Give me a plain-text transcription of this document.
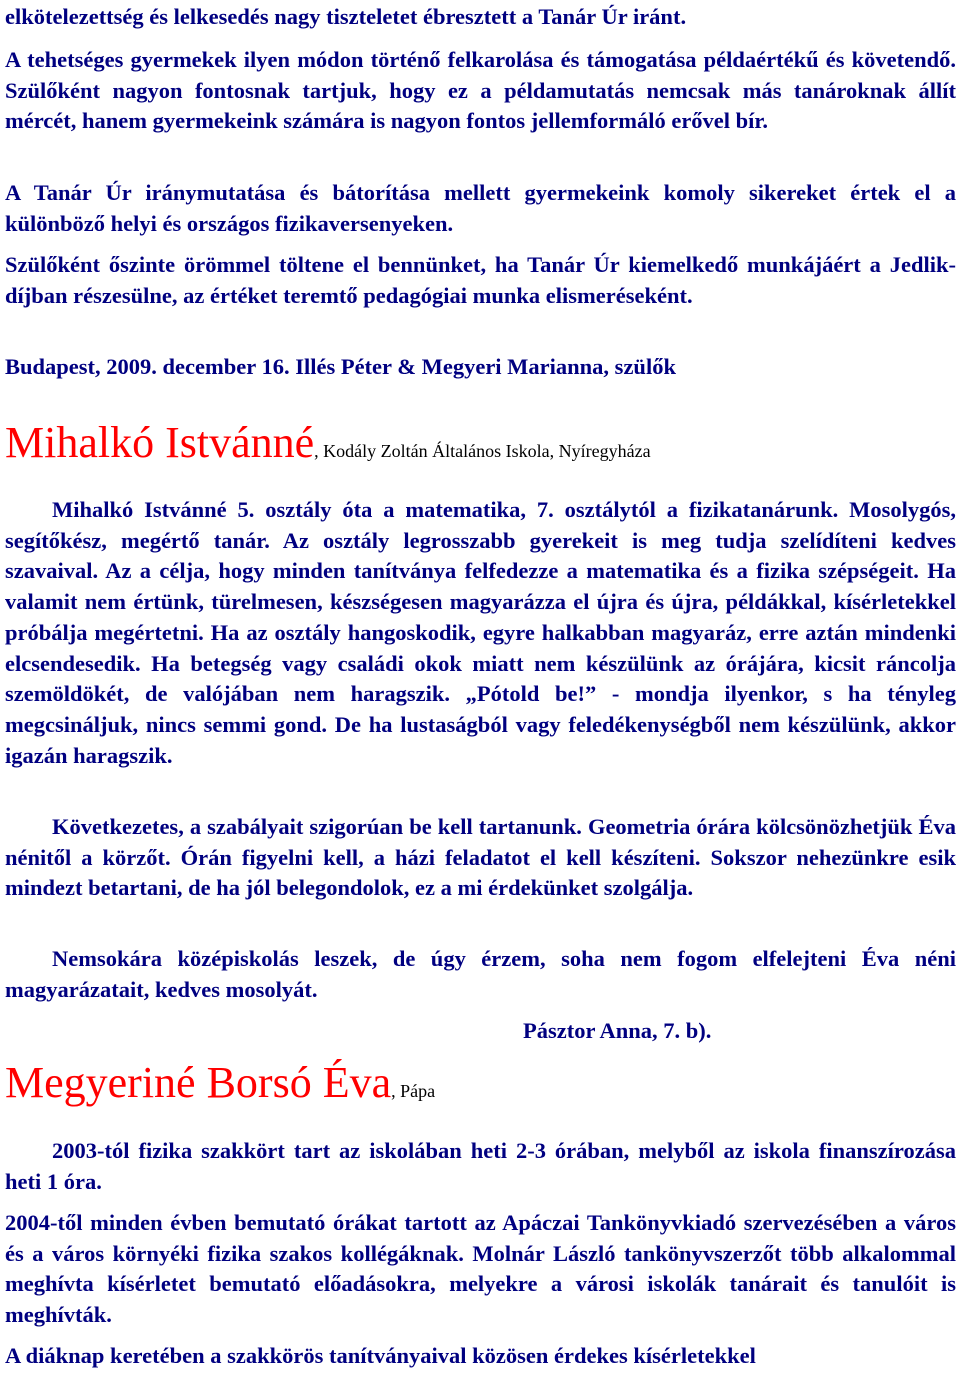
elkötelezettség és lelkesedés nagy tiszteletet ébresztett a Tanár Úr iránt.

A tehetséges gyermekek ilyen módon történő felkarolása és támogatása példaértékű és követendő. Szülőként nagyon fontosnak tartjuk, hogy ez a példamutatás nemcsak más tanároknak állít mércét, hanem gyermekeink számára is nagyon fontos jellemformáló erővel bír.

A Tanár Úr iránymutatása és bátorítása mellett gyermekeink komoly sikereket értek el a különböző helyi és országos fizikaversenyeken.

Szülőként őszinte örömmel töltene el bennünket, ha Tanár Úr kiemelkedő munkájáért a Jedlik-díjban részesülne, az értéket teremtő pedagógiai munka elismeréseként.

Budapest, 2009. december 16. Illés Péter & Megyeri Marianna, szülők

Mihalkó Istvánné, Kodály Zoltán Általános Iskola, Nyíregyháza

Mihalkó Istvánné 5. osztály óta a matematika, 7. osztálytól a fizikatanárunk. Mosolygós, segítőkész, megértő tanár. Az osztály legrosszabb gyerekeit is meg tudja szelídíteni kedves szavaival. Az a célja, hogy minden tanítványa felfedezze a matematika és a fizika szépségeit. Ha valamit nem értünk, türelmesen, készségesen magyarázza el újra és újra, példákkal, kísérletekkel próbálja megértetni. Ha az osztály hangoskodik, egyre halkabban magyaráz, erre aztán mindenki elcsendesedik. Ha betegség vagy családi okok miatt nem készülünk az órájára, kicsit ráncolja szemöldökét, de valójában nem haragszik. „Pótold be!” - mondja ilyenkor, s ha tényleg megcsináljuk, nincs semmi gond. De ha lustaságból vagy feledékenységből nem készülünk, akkor igazán haragszik.

Következetes, a szabályait szigorúan be kell tartanunk. Geometria órára kölcsönözhetjük Éva nénitől a körzőt. Órán figyelni kell, a házi feladatot el kell készíteni. Sokszor nehezünkre esik mindezt betartani, de ha jól belegondolok, ez a mi érdekünket szolgálja.

Nemsokára középiskolás leszek, de úgy érzem, soha nem fogom elfelejteni Éva néni magyarázatait, kedves mosolyát.

Pásztor Anna, 7. b).

Megyeriné Borsó Éva, Pápa

2003-tól fizika szakkört tart az iskolában heti 2-3 órában, melyből az iskola finanszírozása heti 1 óra.

2004-től minden évben bemutató órákat tartott az Apáczai Tankönyvkiadó szervezésében a város és a város környéki fizika szakos kollégáknak. Molnár László tankönyvszerzőt több alkalommal meghívta kísérletet bemutató előadásokra, melyekre a városi iskolák tanárait és tanulóit is meghívták.

A diáknap keretében a szakkörös tanítványaival közösen érdekes kísérletekkel
